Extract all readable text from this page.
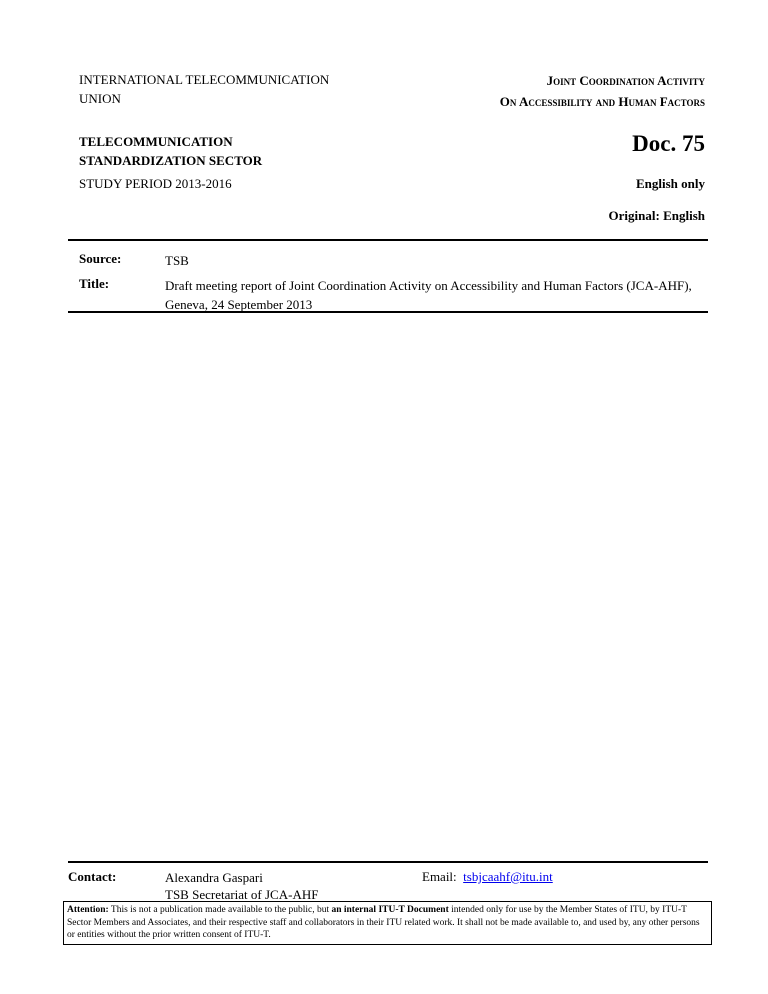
INTERNATIONAL TELECOMMUNICATION
UNION
Joint Coordination Activity
On Accessibility and Human Factors
TELECOMMUNICATION
STANDARDIZATION SECTOR
Doc. 75
STUDY PERIOD 2013-2016	English only
Original: English
Source:	TSB
Title:	Draft meeting report of Joint Coordination Activity on Accessibility and Human Factors (JCA-AHF), Geneva, 24 September 2013
Contact:	Alexandra Gaspari
TSB Secretariat of JCA-AHF
Email: tsbjcaahf@itu.int
Attention: This is not a publication made available to the public, but an internal ITU-T Document intended only for use by the Member States of ITU, by ITU-T Sector Members and Associates, and their respective staff and collaborators in their ITU related work. It shall not be made available to, and used by, any other persons or entities without the prior written consent of ITU-T.
